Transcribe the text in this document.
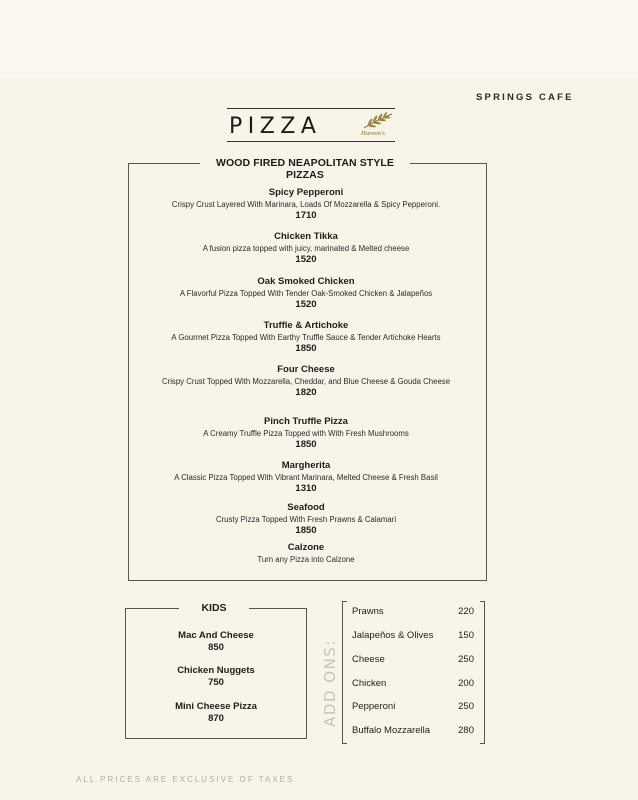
SPRINGS CAFE
PIZZA	Haroon's
WOOD FIRED NEAPOLITAN STYLE PIZZAS
Spicy Pepperoni
Crispy Crust Layered With Marinara, Loads Of Mozzarella & Spicy Pepperoni.
1710
Chicken Tikka
A fusion pizza topped with juicy, marinated & Melted cheese
1520
Oak Smoked Chicken
A Flavorful Pizza Topped With Tender Oak-Smoked Chicken & Jalapeños
1520
Truffle & Artichoke
A Gourmet Pizza Topped With Earthy Truffle Sauce & Tender Artichoke Hearts
1850
Four Cheese
Crispy Crust Topped With Mozzarella, Cheddar, and Blue Cheese & Gouda Cheese
1820
Pinch Truffle Pizza
A Creamy Truffle Pizza Topped with With Fresh Mushrooms
1850
Margherita
A Classic Pizza Topped With Vibrant Marinara, Melted Cheese & Fresh Basil
1310
Seafood
Crusty Pizza Topped With Fresh Prawns & Calamari
1850
Calzone
Turn any Pizza into Calzone
KIDS
Mac And Cheese
850
Chicken Nuggets
750
Mini Cheese Pizza
870	ADD ONS:
Prawns	220
Jalapeños & Olives	150
Cheese	250
Chicken	200
Pepperoni	250
Buffalo Mozzarella	280
ALL PRICES ARE EXCLUSIVE OF TAXES
